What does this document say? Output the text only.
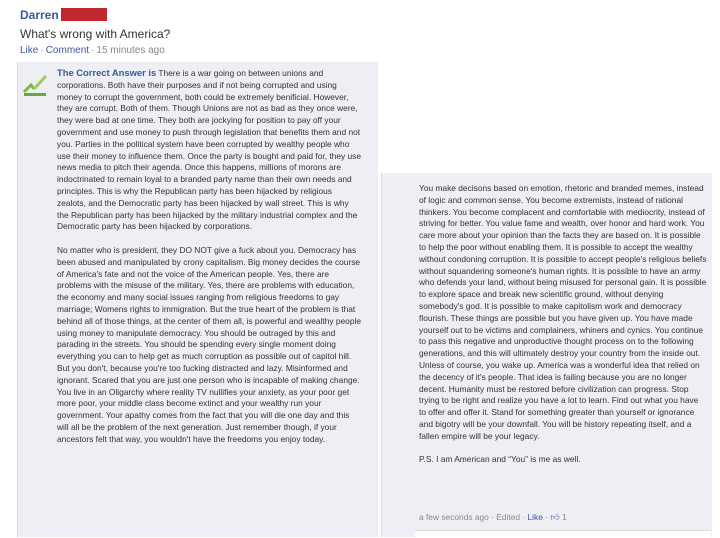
Darren
What's wrong with America?
Like · Comment · 15 minutes ago

The Correct Answer is There is a war going on between unions and corporations. Both have their purposes and if not being corrupted and using money to corrupt the government, both could be extremely benificial. However, they are corrupt. Both of them. Though Unions are not as bad as they once were, they were bad at one time. They both are jockying for position to pay off your government and use money to push through legislation that benefits them and not you. Parties in the political system have been corrupted by wealthy people who use their money to influence them. Once the party is bought and paid for, they use news media to pitch their agenda. Once this happens, millions of morons are indoctrinated to remain loyal to a branded party name than their own needs and principles. This is why the Republican party has been hijacked by religious zealots, and the Democratic party has been hijacked by wall street. This is why the Republican party has been hijacked by the military industrial complex and the Democratic party has been hijacked by corporations.

No matter who is president, they DO NOT give a fuck about you. Democracy has been abused and manipulated by crony capitalism. Big money decides the course of America's fate and not the voice of the American people. Yes, there are problems with the misuse of the military. Yes, there are problems with education, the economy and many social issues ranging from religious freedoms to gay marriage; Womens rights to immigration. But the true heart of the problem is that behind all of those things, at the center of them all, is powerful and wealthy people using money to manipulate democracy. You should be outraged by this and parading in the streets. You should be spending every single moment doing everything you can to help get as much corruption as possible out of capitol hill. But you don't, because you're too fucking distracted and lazy. Misinformed and ignorant. Scared that you are just one person who is incapable of making change. You live in an Oligarchy where reality TV nullifies your anxiety, as your poor get more poor, your middle class become extinct and your wealthy run your government. Your apathy comes from the fact that you will die one day and this will all be the problem of the next generation. Just remember though, if your ancestors felt that way, you wouldn't have the freedoms you enjoy today.

You make decisons based on emotion, rhetoric and branded memes, instead of logic and common sense. You become extremists, instead of rational thinkers. You become complacent and comfortable with mediocrity, instead of striving for better. You value fame and wealth, over honor and hard work. You care more about your opinion than the facts they are based on. It is possible to help the poor without enabling them. It is possible to accept the wealthy without condoning corruption. It is possible to accept people's religious beliefs without squandering someone's human rights. It is possible to have an army who defends your land, without being misused for personal gain. It is possible to explore space and break new scientific ground, without denying somebody's god. It is possible to make capitolism work and democracy flourish. These things are possible but you have given up. You have made yourself out to be victims and complainers, whiners and cynics. You continue to pass this negative and unproductive thought process on to the following generations, and this will ultimately destroy your country from the inside out. Unless of course, you wake up. America was a wonderful idea that relied on the decency of it's people. That idea is failing because you are no longer decent. Humanity must be restored before civilization can progress. Stop trying to be right and realize you have a lot to learn. Find out what you have to offer and offer it. Stand for something greater than yourself or ignorance and bigotry will be your downfall. You will be history repeating itself, and a fallen empire will be your legacy.

P.S. I am American and “You” is me as well.

a few seconds ago · Edited · Like · 👍︎ 1
